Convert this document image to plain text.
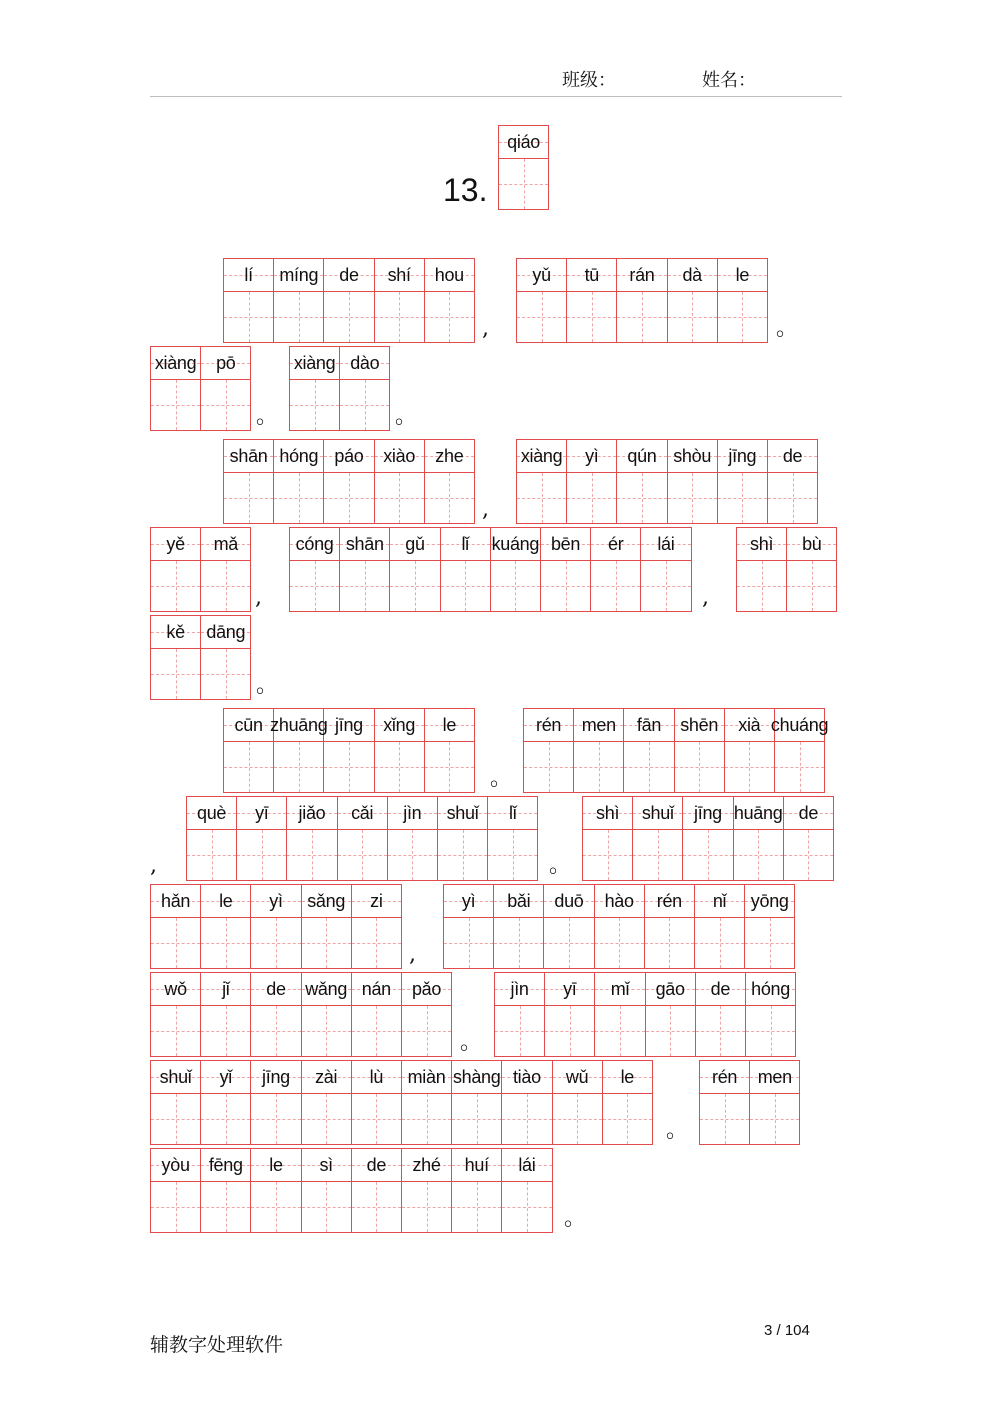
班级：	姓名：
13.
qiáo
lí míng de shí hou	yǔ tū rán dà le
,	。
xiàng pō	xiàng dào
。	。
shān hóng páo xiào zhe	xiàng yì qún shòu jīng de
,
yě mǎ	cóng shān gǔ lǐ kuáng bēn ér lái	shì bù
,	,
kě dāng
。
cūn zhuāng jīng xǐng le	rén men fān shēn xià chuáng
。
què yī jiǎo cǎi jìn shuǐ lǐ	shì shuǐ jīng huāng de
,	。
hǎn le yì sǎng zi	yì bǎi duō hào rén nǐ yōng
,
wǒ jǐ de wǎng nán pǎo	jìn yī mǐ gāo de hóng
。
shuǐ yǐ jīng zài lù miàn shàng tiào wǔ le	rén men
。
yòu fēng le sì de zhé huí lái
。
辅教字处理软件
3 / 104
